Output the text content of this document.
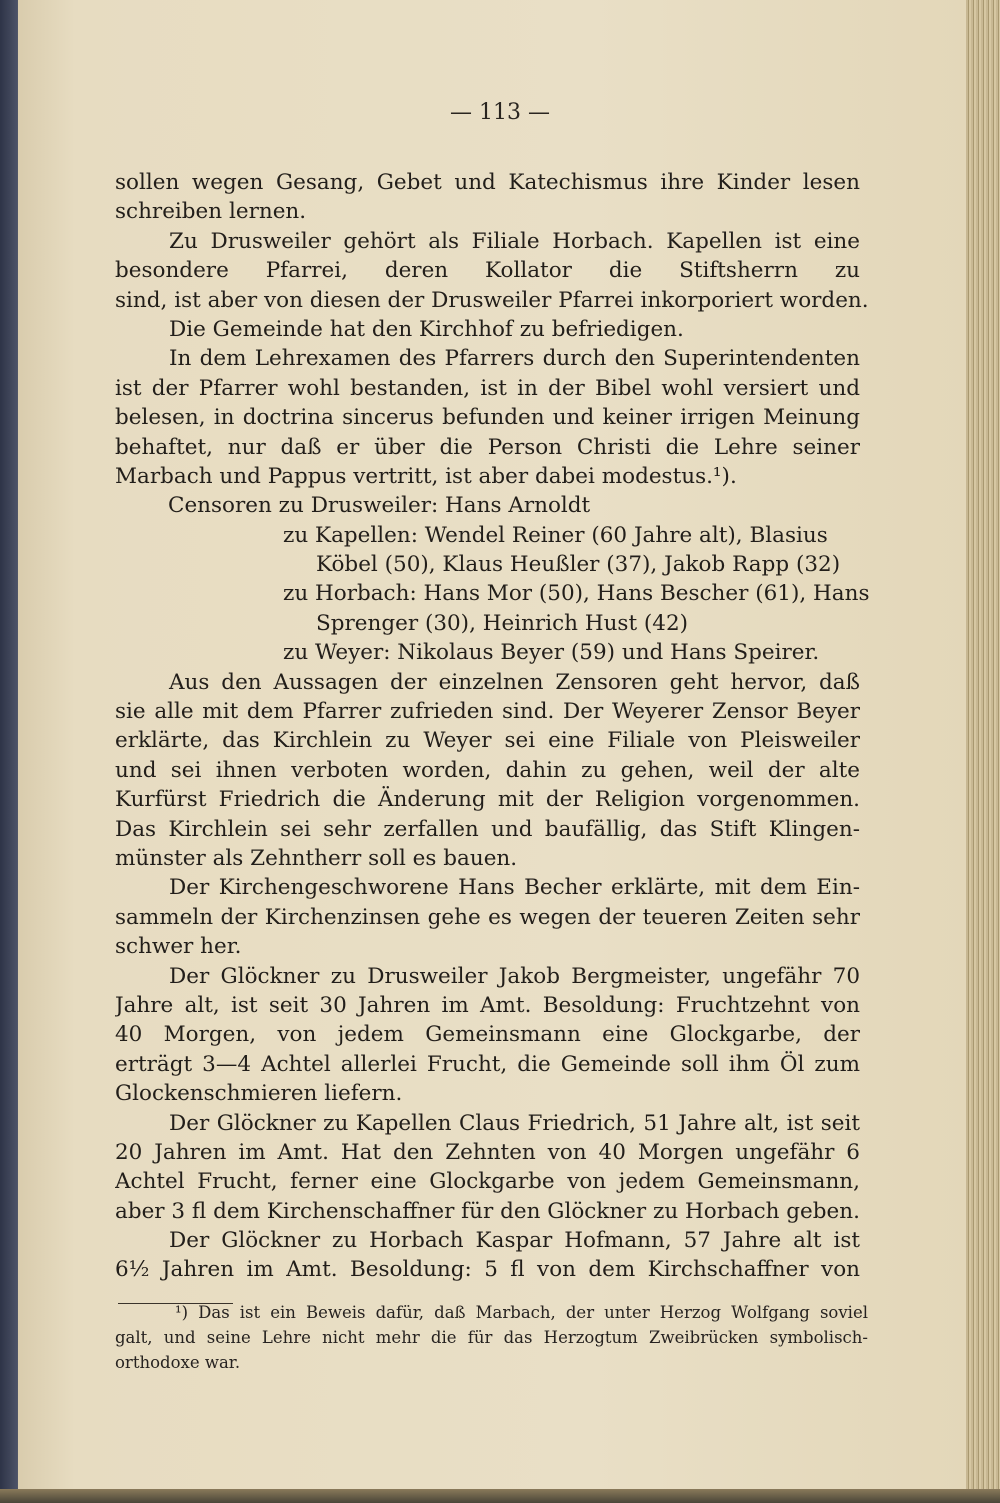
— 113 —
sollen wegen Gesang, Gebet und Katechismus ihre Kinder lesen
schreiben lernen.
Zu Drusweiler gehört als Filiale Horbach. Kapellen ist eine
besondere Pfarrei, deren Kollator die Stiftsherrn zu
sind, ist aber von diesen der Drusweiler Pfarrei inkorporiert worden.
Die Gemeinde hat den Kirchhof zu befriedigen.
In dem Lehrexamen des Pfarrers durch den Superintendenten
ist der Pfarrer wohl bestanden, ist in der Bibel wohl versiert und
belesen, in doctrina sincerus befunden und keiner irrigen Meinung
behaftet, nur daß er über die Person Christi die Lehre seiner
Marbach und Pappus vertritt, ist aber dabei modestus.¹).
Censoren zu Drusweiler: Hans Arnoldt
zu Kapellen: Wendel Reiner (60 Jahre alt), Blasius
Köbel (50), Klaus Heußler (37), Jakob Rapp (32)
zu Horbach: Hans Mor (50), Hans Bescher (61), Hans
Sprenger (30), Heinrich Hust (42)
zu Weyer: Nikolaus Beyer (59) und Hans Speirer.
Aus den Aussagen der einzelnen Zensoren geht hervor, daß
sie alle mit dem Pfarrer zufrieden sind. Der Weyerer Zensor Beyer
erklärte, das Kirchlein zu Weyer sei eine Filiale von Pleisweiler
und sei ihnen verboten worden, dahin zu gehen, weil der alte
Kurfürst Friedrich die Änderung mit der Religion vorgenommen.
Das Kirchlein sei sehr zerfallen und baufällig, das Stift Klingen-
münster als Zehntherr soll es bauen.
Der Kirchengeschworene Hans Becher erklärte, mit dem Ein-
sammeln der Kirchenzinsen gehe es wegen der teueren Zeiten sehr
schwer her.
Der Glöckner zu Drusweiler Jakob Bergmeister, ungefähr 70
Jahre alt, ist seit 30 Jahren im Amt. Besoldung: Fruchtzehnt von
40 Morgen, von jedem Gemeinsmann eine Glockgarbe, der
erträgt 3—4 Achtel allerlei Frucht, die Gemeinde soll ihm Öl zum
Glockenschmieren liefern.
Der Glöckner zu Kapellen Claus Friedrich, 51 Jahre alt, ist seit
20 Jahren im Amt. Hat den Zehnten von 40 Morgen ungefähr 6
Achtel Frucht, ferner eine Glockgarbe von jedem Gemeinsmann,
aber 3 fl dem Kirchenschaffner für den Glöckner zu Horbach geben.
Der Glöckner zu Horbach Kaspar Hofmann, 57 Jahre alt ist
6½ Jahren im Amt. Besoldung: 5 fl von dem Kirchschaffner von
¹) Das ist ein Beweis dafür, daß Marbach, der unter Herzog Wolfgang soviel
galt, und seine Lehre nicht mehr die für das Herzogtum Zweibrücken symbolisch-
orthodoxe war.
